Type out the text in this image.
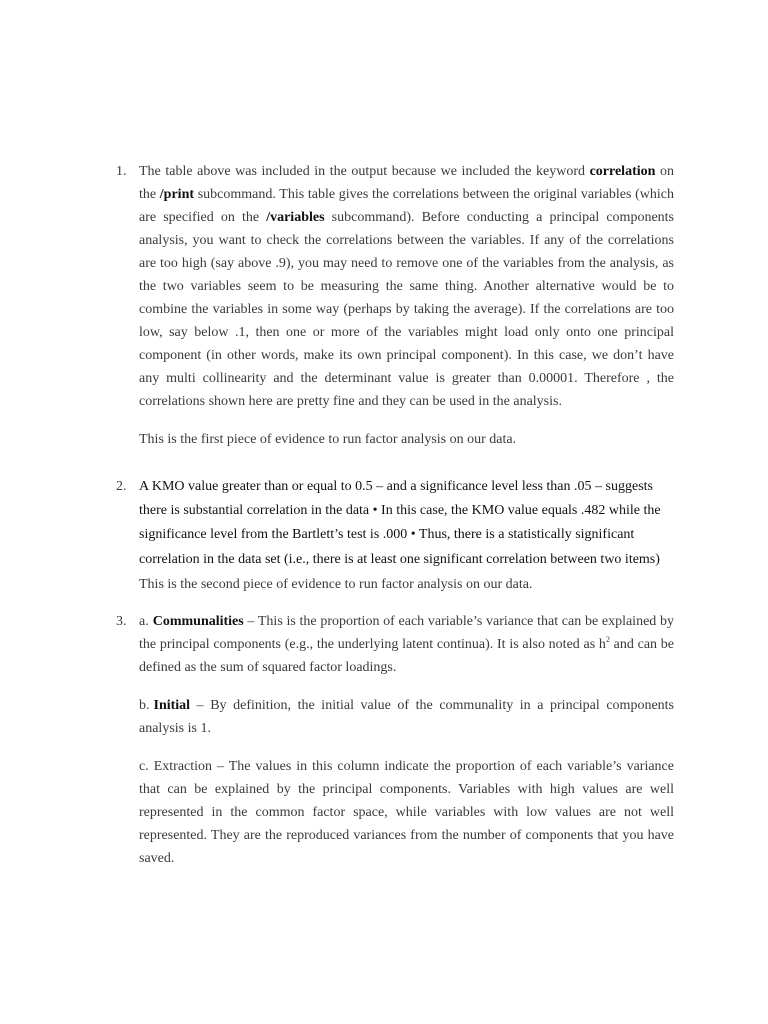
1. The table above was included in the output because we included the keyword correlation on the /print subcommand. This table gives the correlations between the original variables (which are specified on the /variables subcommand). Before conducting a principal components analysis, you want to check the correlations between the variables. If any of the correlations are too high (say above .9), you may need to remove one of the variables from the analysis, as the two variables seem to be measuring the same thing. Another alternative would be to combine the variables in some way (perhaps by taking the average). If the correlations are too low, say below .1, then one or more of the variables might load only onto one principal component (in other words, make its own principal component). In this case, we don’t have any multi collinearity and the determinant value is greater than 0.00001. Therefore , the correlations shown here are pretty fine and they can be used in the analysis.
This is the first piece of evidence to run factor analysis on our data.
2. A KMO value greater than or equal to 0.5 – and a significance level less than .05 – suggests there is substantial correlation in the data • In this case, the KMO value equals .482 while the significance level from the Bartlett’s test is .000 • Thus, there is a statistically significant correlation in the data set (i.e., there is at least one significant correlation between two items)
This is the second piece of evidence to run factor analysis on our data.
3. a. Communalities – This is the proportion of each variable’s variance that can be explained by the principal components (e.g., the underlying latent continua). It is also noted as $h^2$ and can be defined as the sum of squared factor loadings.
b. Initial – By definition, the initial value of the communality in a principal components analysis is 1.
c. Extraction – The values in this column indicate the proportion of each variable’s variance that can be explained by the principal components. Variables with high values are well represented in the common factor space, while variables with low values are not well represented. They are the reproduced variances from the number of components that you have saved.
